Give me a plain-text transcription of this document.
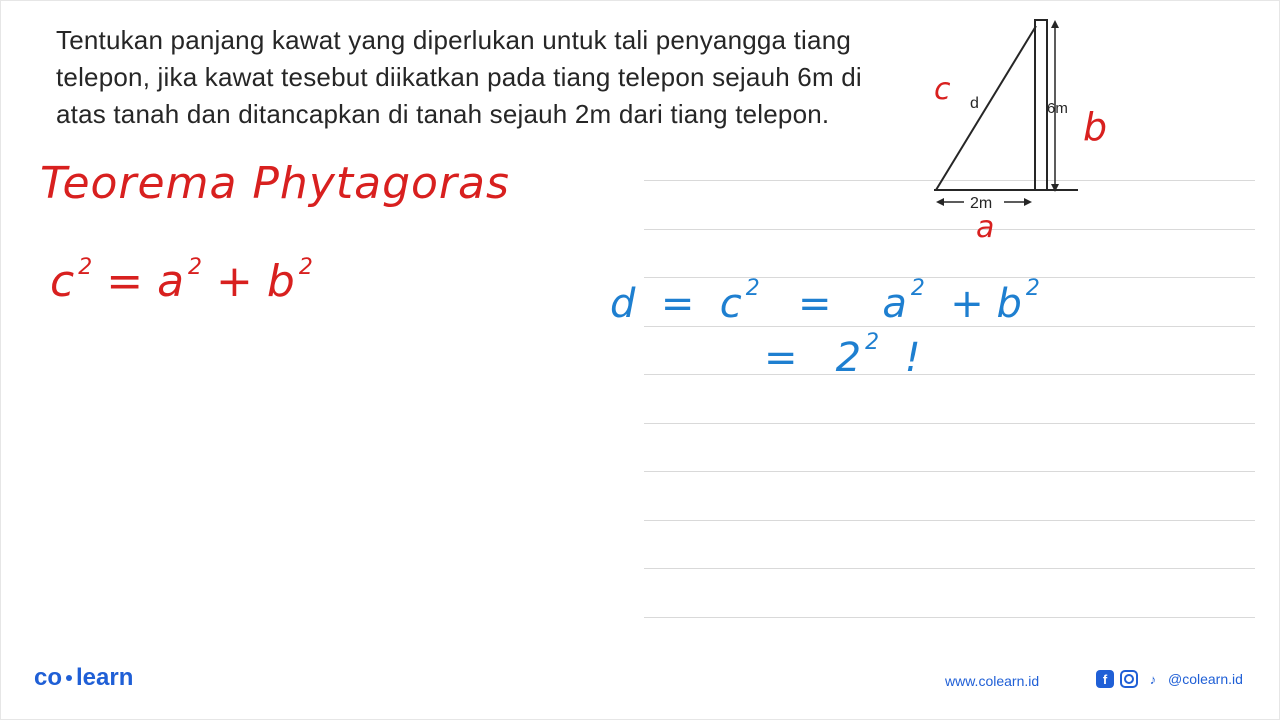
Tentukan panjang kawat yang diperlukan untuk tali penyangga tiang
telepon, jika kawat tesebut diikatkan pada tiang telepon sejauh 6m di
atas tanah dan ditancapkan di tanah sejauh 2m dari tiang telepon.	d	6m
2m
c
b
a
Teorema Phytagoras
c $^2$ = a $^2$ + b $^2$
d = c $^2$ = a $^2$ + b $^2$
= 2 $^2$ !
co learn	www.colearn.id	f	♪ @colearn.id
